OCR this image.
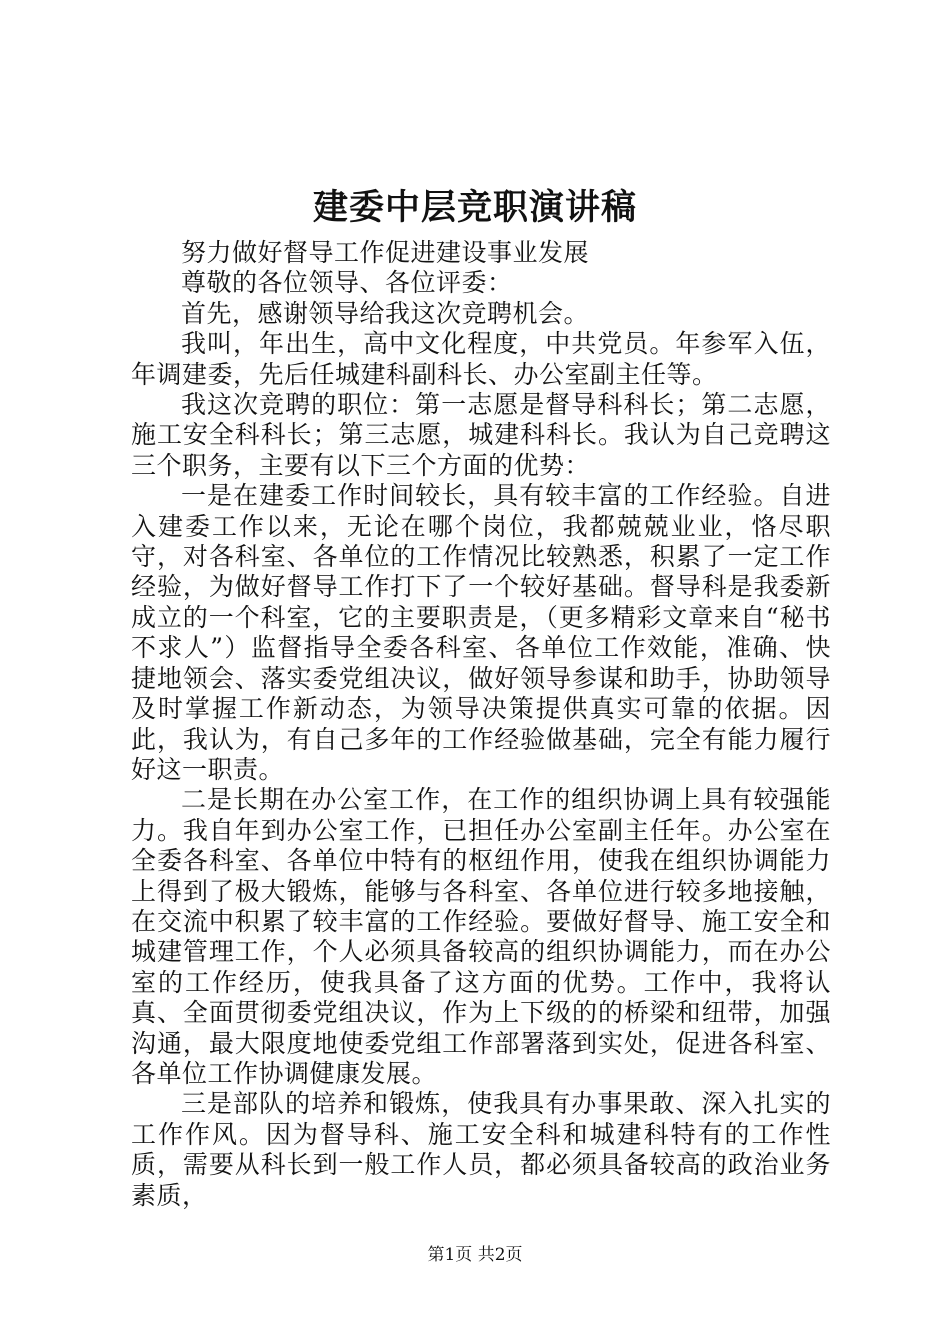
建委中层竞职演讲稿

努力做好督导工作促进建设事业发展

尊敬的各位领导、各位评委：

首先，感谢领导给我这次竞聘机会。

我叫，年出生，高中文化程度，中共党员。年参军入伍，年调建委，先后任城建科副科长、办公室副主任等。

我这次竞聘的职位：第一志愿是督导科科长；第二志愿，施工安全科科长；第三志愿，城建科科长。我认为自己竞聘这三个职务，主要有以下三个方面的优势：

一是在建委工作时间较长，具有较丰富的工作经验。自进入建委工作以来，无论在哪个岗位，我都兢兢业业，恪尽职守，对各科室、各单位的工作情况比较熟悉，积累了一定工作经验，为做好督导工作打下了一个较好基础。督导科是我委新成立的一个科室，它的主要职责是，（更多精彩文章来自“秘书不求人”）监督指导全委各科室、各单位工作效能，准确、快捷地领会、落实委党组决议，做好领导参谋和助手，协助领导及时掌握工作新动态，为领导决策提供真实可靠的依据。因此，我认为，有自己多年的工作经验做基础，完全有能力履行好这一职责。

二是长期在办公室工作，在工作的组织协调上具有较强能力。我自年到办公室工作，已担任办公室副主任年。办公室在全委各科室、各单位中特有的枢纽作用，使我在组织协调能力上得到了极大锻炼，能够与各科室、各单位进行较多地接触，在交流中积累了较丰富的工作经验。要做好督导、施工安全和城建管理工作，个人必须具备较高的组织协调能力，而在办公室的工作经历，使我具备了这方面的优势。工作中，我将认真、全面贯彻委党组决议，作为上下级的的桥梁和纽带，加强沟通，最大限度地使委党组工作部署落到实处，促进各科室、各单位工作协调健康发展。

三是部队的培养和锻炼，使我具有办事果敢、深入扎实的工作作风。因为督导科、施工安全科和城建科特有的工作性质，需要从科长到一般工作人员，都必须具备较高的政治业务素质，

第1页 共2页
